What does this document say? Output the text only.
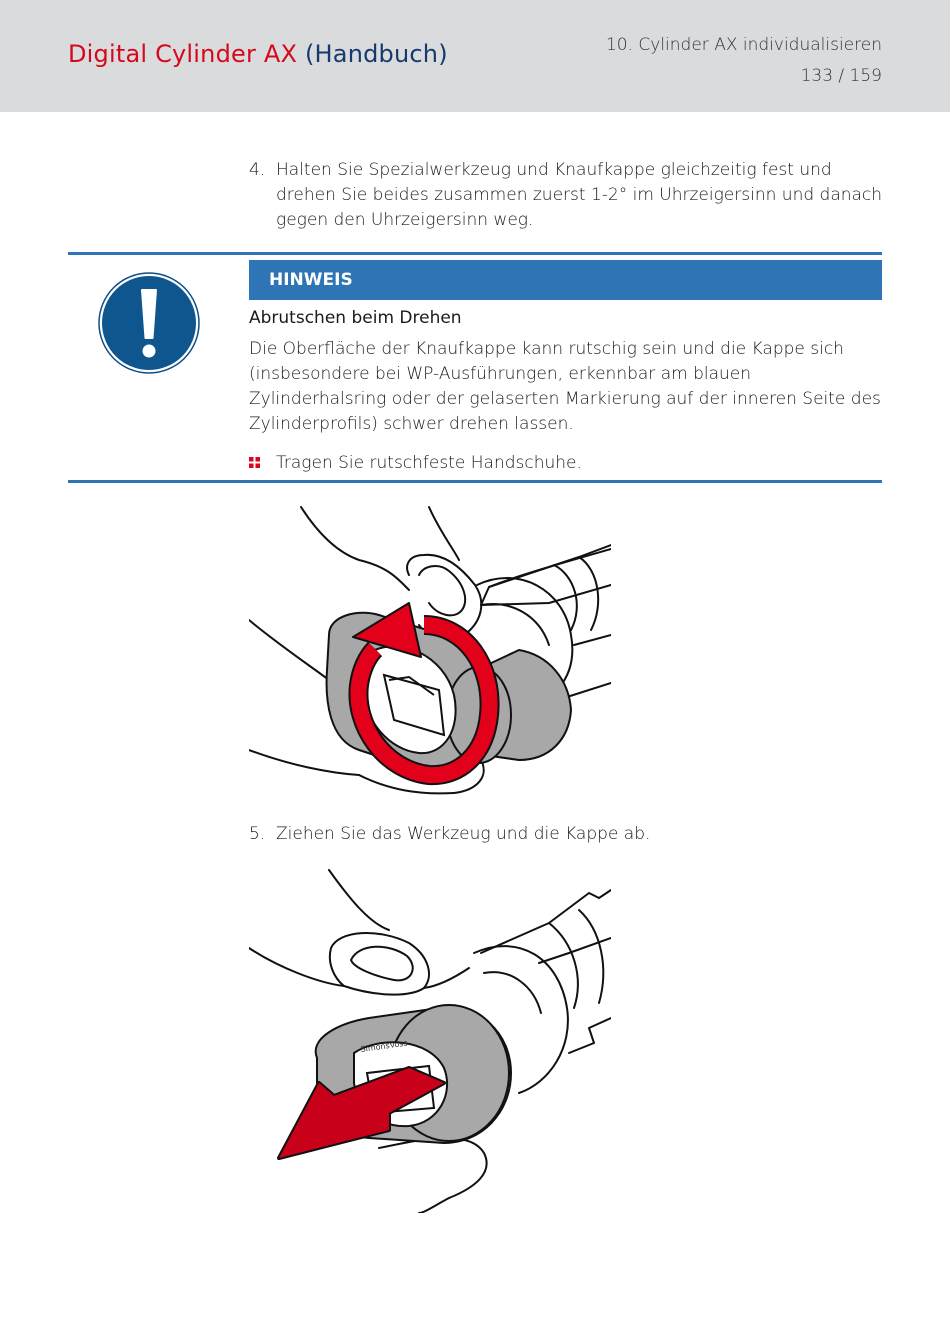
Digital Cylinder AX (Handbuch)	10. Cylinder AX individualisieren
133 / 159
4. Halten Sie Spezialwerkzeug und Knaufkappe gleichzeitig fest und drehen Sie beides zusammen zuerst 1-2° im Uhrzeigersinn und danach gegen den Uhrzeigersinn weg.
HINWEIS
Abrutschen beim Drehen
Die Oberfläche der Knaufkappe kann rutschig sein und die Kappe sich (insbesondere bei WP-Ausführungen, erkennbar am blauen Zylinderhalsring oder der gelaserten Markierung auf der inneren Seite des Zylinderprofils) schwer drehen lassen.
Tragen Sie rutschfeste Handschuhe.
5. Ziehen Sie das Werkzeug und die Kappe ab.
SimonsVoss
